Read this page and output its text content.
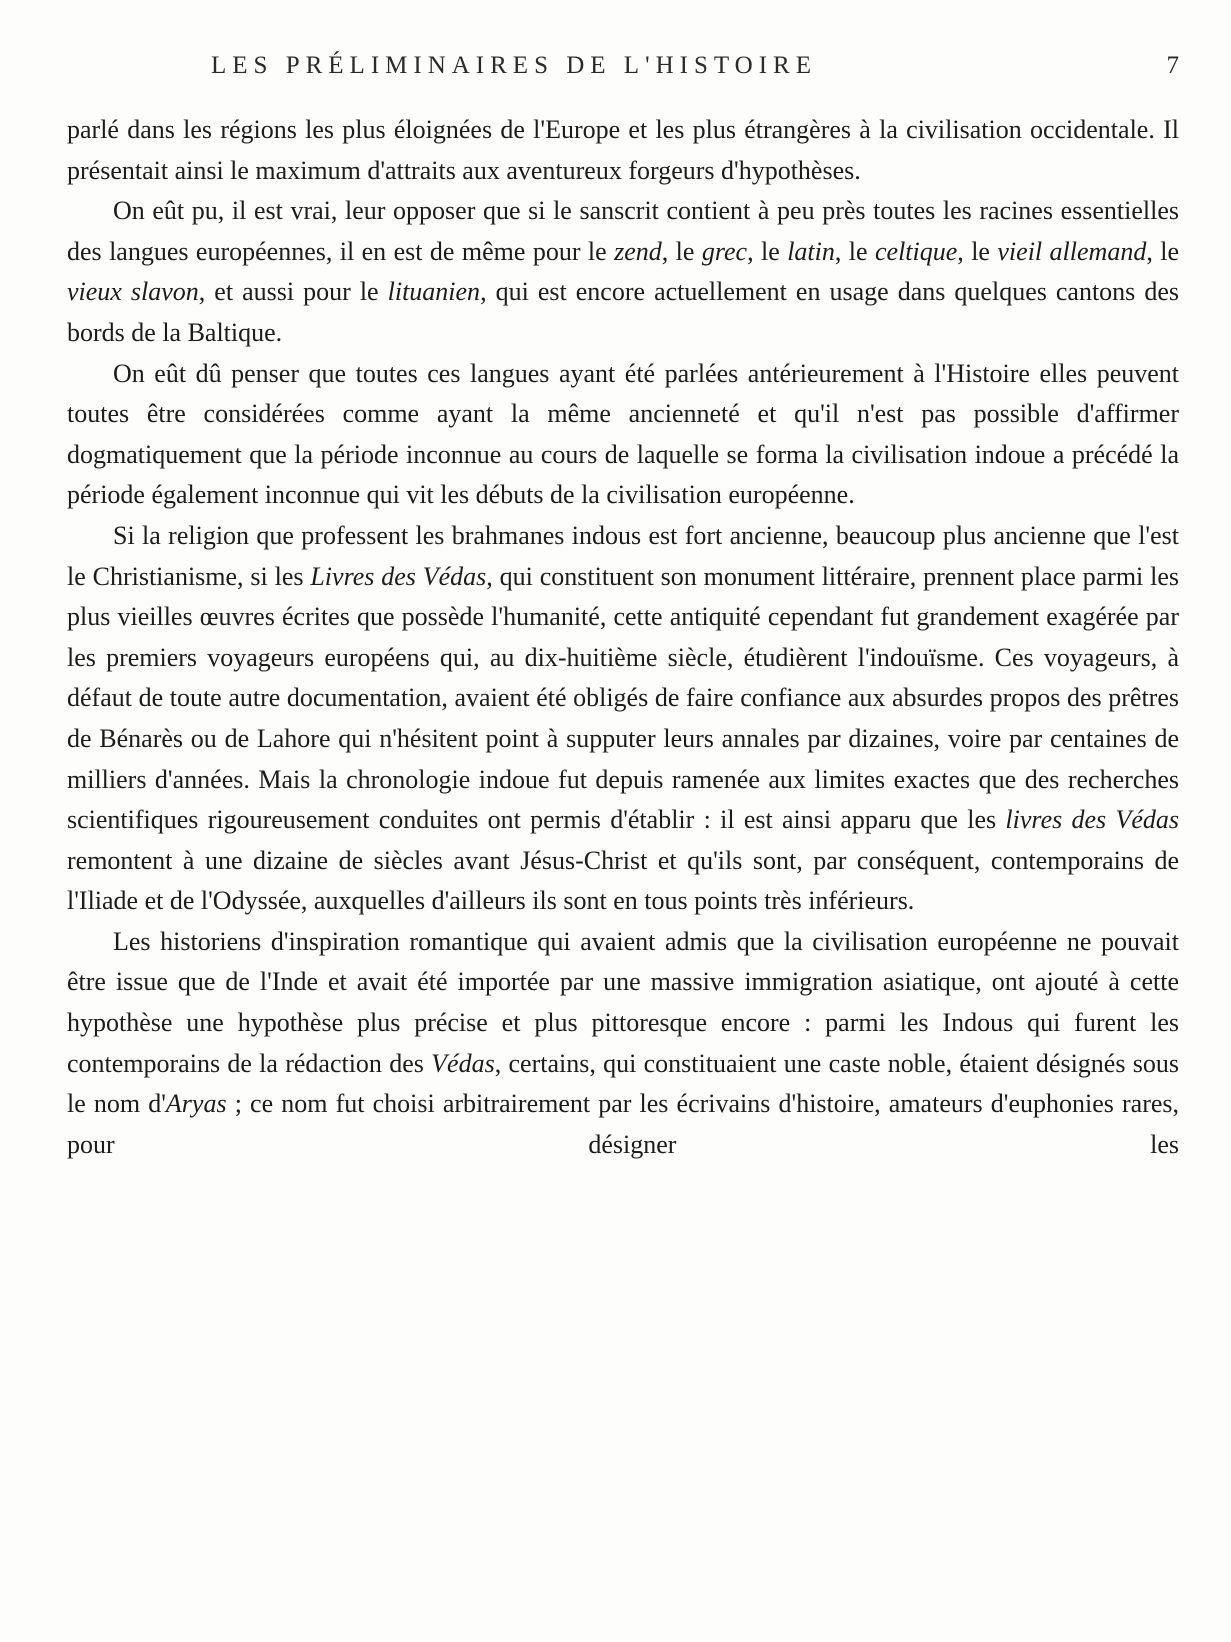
LES PRÉLIMINAIRES DE L'HISTOIRE	7

parlé dans les régions les plus éloignées de l'Europe et les plus étrangères à la civilisation occidentale. Il présentait ainsi le maximum d'attraits aux aventureux forgeurs d'hypothèses.

On eût pu, il est vrai, leur opposer que si le sanscrit contient à peu près toutes les racines essentielles des langues européennes, il en est de même pour le zend, le grec, le latin, le celtique, le vieil allemand, le vieux slavon, et aussi pour le lituanien, qui est encore actuellement en usage dans quelques cantons des bords de la Baltique.

On eût dû penser que toutes ces langues ayant été parlées antérieurement à l'Histoire elles peuvent toutes être considérées comme ayant la même ancienneté et qu'il n'est pas possible d'affirmer dogmatiquement que la période inconnue au cours de laquelle se forma la civilisation indoue a précédé la période également inconnue qui vit les débuts de la civilisation européenne.

Si la religion que professent les brahmanes indous est fort ancienne, beaucoup plus ancienne que l'est le Christianisme, si les Livres des Védas, qui constituent son monument littéraire, prennent place parmi les plus vieilles œuvres écrites que possède l'humanité, cette antiquité cependant fut grandement exagérée par les premiers voyageurs européens qui, au dix-huitième siècle, étudièrent l'indouïsme. Ces voyageurs, à défaut de toute autre documentation, avaient été obligés de faire confiance aux absurdes propos des prêtres de Bénarès ou de Lahore qui n'hésitent point à supputer leurs annales par dizaines, voire par centaines de milliers d'années. Mais la chronologie indoue fut depuis ramenée aux limites exactes que des recherches scientifiques rigoureusement conduites ont permis d'établir : il est ainsi apparu que les livres des Védas remontent à une dizaine de siècles avant Jésus-Christ et qu'ils sont, par conséquent, contemporains de l'Iliade et de l'Odyssée, auxquelles d'ailleurs ils sont en tous points très inférieurs.

Les historiens d'inspiration romantique qui avaient admis que la civilisation européenne ne pouvait être issue que de l'Inde et avait été importée par une massive immigration asiatique, ont ajouté à cette hypothèse une hypothèse plus précise et plus pittoresque encore : parmi les Indous qui furent les contemporains de la rédaction des Védas, certains, qui constituaient une caste noble, étaient désignés sous le nom d'Aryas ; ce nom fut choisi arbitrairement par les écrivains d'histoire, amateurs d'euphonies rares, pour désigner les
